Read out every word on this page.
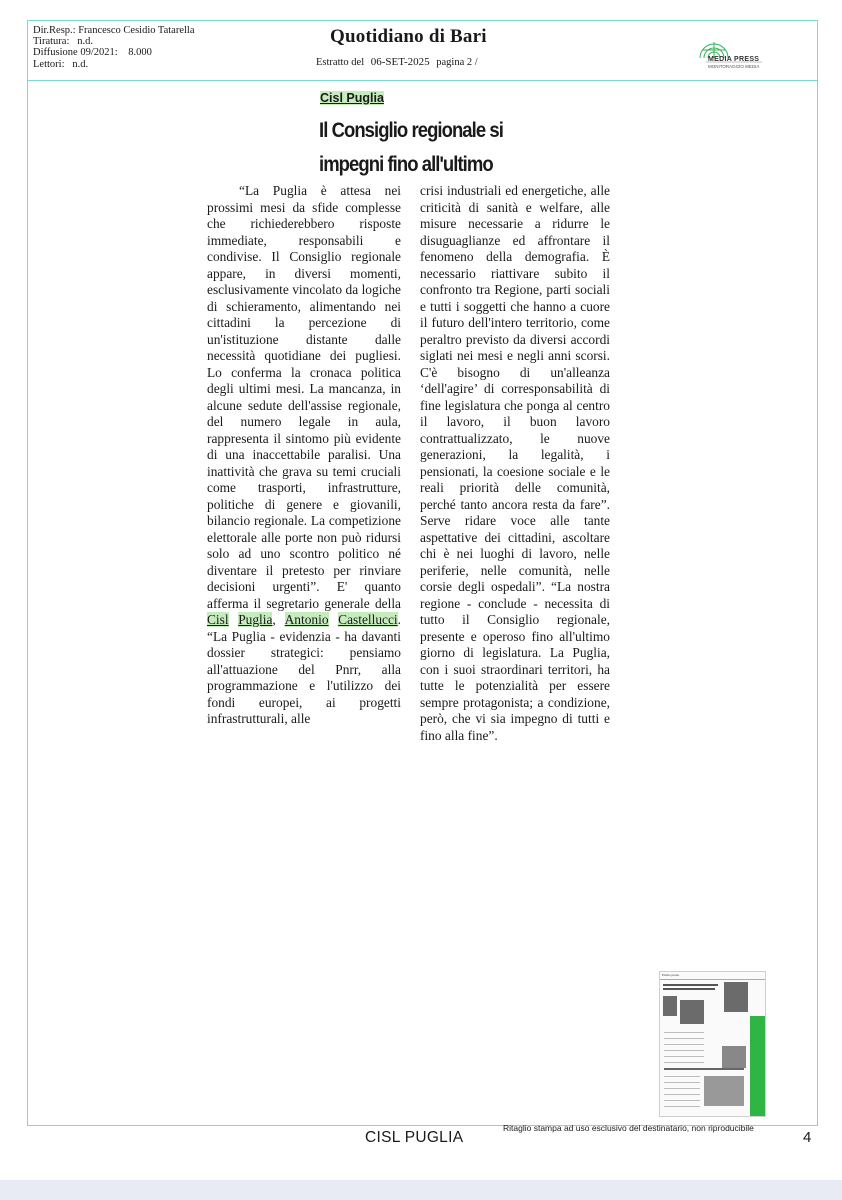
Dir.Resp.: Francesco Cesidio Tatarella
Tiratura: n.d.
Diffusione 09/2021: 8.000
Lettori: n.d.
Quotidiano di Bari
Estratto del 06-SET-2025 pagina 2 /	MEDIA PRESS
MONITORAGGIO MEDIA
Cisl Puglia
Il Consiglio regionale si
impegni fino all'ultimo
“La Puglia è attesa nei prossimi mesi da sfide complesse che richiederebbero risposte immediate, responsabili e condivise. Il Consiglio regionale appare, in diversi momenti, esclusivamente vincolato da logiche di schieramento, alimentando nei cittadini la percezione di un'istituzione distante dalle necessità quotidiane dei pugliesi. Lo conferma la cronaca politica degli ultimi mesi. La mancanza, in alcune sedute dell'assise regionale, del numero legale in aula, rappresenta il sintomo più evidente di una inaccettabile paralisi. Una inattività che grava su temi cruciali come trasporti, infrastrutture, politiche di genere e giovanili, bilancio regionale. La competizione elettorale alle porte non può ridursi solo ad uno scontro politico né diventare il pretesto per rinviare decisioni urgenti”. E' quanto afferma il segretario generale della Cisl Puglia, Antonio Castellucci. “La Puglia - evidenzia - ha davanti dossier strategici: pensiamo all'attuazione del Pnrr, alla programmazione e l'utilizzo dei fondi europei, ai progetti infrastrutturali, alle
crisi industriali ed energetiche, alle criticità di sanità e welfare, alle misure necessarie a ridurre le disuguaglianze ed affrontare il fenomeno della demografia. È necessario riattivare subito il confronto tra Regione, parti sociali e tutti i soggetti che hanno a cuore il futuro dell'intero territorio, come peraltro previsto da diversi accordi siglati nei mesi e negli anni scorsi. C'è bisogno di un'alleanza ‘dell'agire’ di corresponsabilità di fine legislatura che ponga al centro il lavoro, il buon lavoro contrattualizzato, le nuove generazioni, la legalità, i pensionati, la coesione sociale e le reali priorità delle comunità, perché tanto ancora resta da fare”. Serve ridare voce alle tante aspettative dei cittadini, ascoltare chi è nei luoghi di lavoro, nelle periferie, nelle comunità, nelle corsie degli ospedali”. “La nostra regione - conclude - necessita di tutto il Consiglio regionale, presente e operoso fino all'ultimo giorno di legislatura. La Puglia, con i suoi straordinari territori, ha tutte le potenzialità per essere sempre protagonista; a condizione, però, che vi sia impegno di tutti e fino alla fine”.
Primo piano
CISL PUGLIA
Ritaglio stampa ad uso esclusivo del destinatario, non riproducibile
4
